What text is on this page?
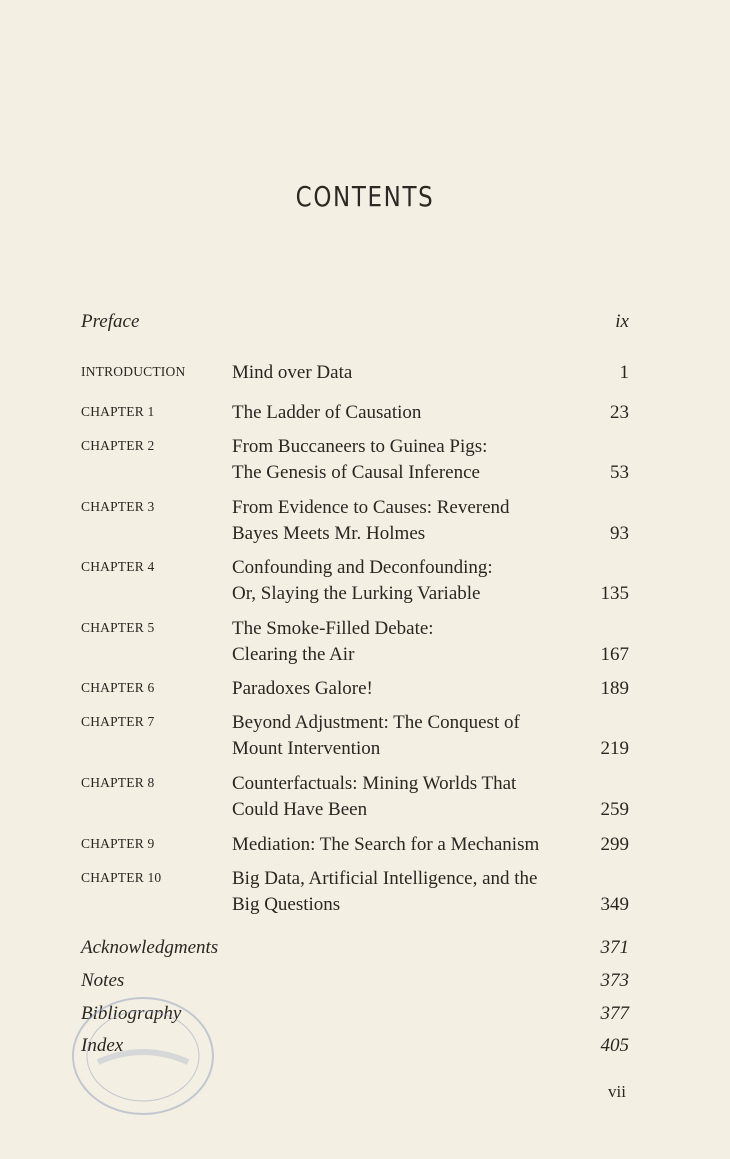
CONTENTS
Preface	ix
INTRODUCTION Mind over Data	1
CHAPTER 1	The Ladder of Causation	23
CHAPTER 2	From Buccaneers to Guinea Pigs:
The Genesis of Causal Inference	53
CHAPTER 3	From Evidence to Causes: Reverend
Bayes Meets Mr. Holmes	93
CHAPTER 4	Confounding and Deconfounding:
Or, Slaying the Lurking Variable	135
CHAPTER 5	The Smoke-Filled Debate:
Clearing the Air	167
CHAPTER 6	Paradoxes Galore!	189
CHAPTER 7	Beyond Adjustment: The Conquest of
Mount Intervention	219
CHAPTER 8	Counterfactuals: Mining Worlds That
Could Have Been	259
CHAPTER 9	Mediation: The Search for a Mechanism	299
CHAPTER 10	Big Data, Artificial Intelligence, and the
Big Questions	349
Acknowledgments	371
Notes	373
Bibliography	377
Index	405
vii
